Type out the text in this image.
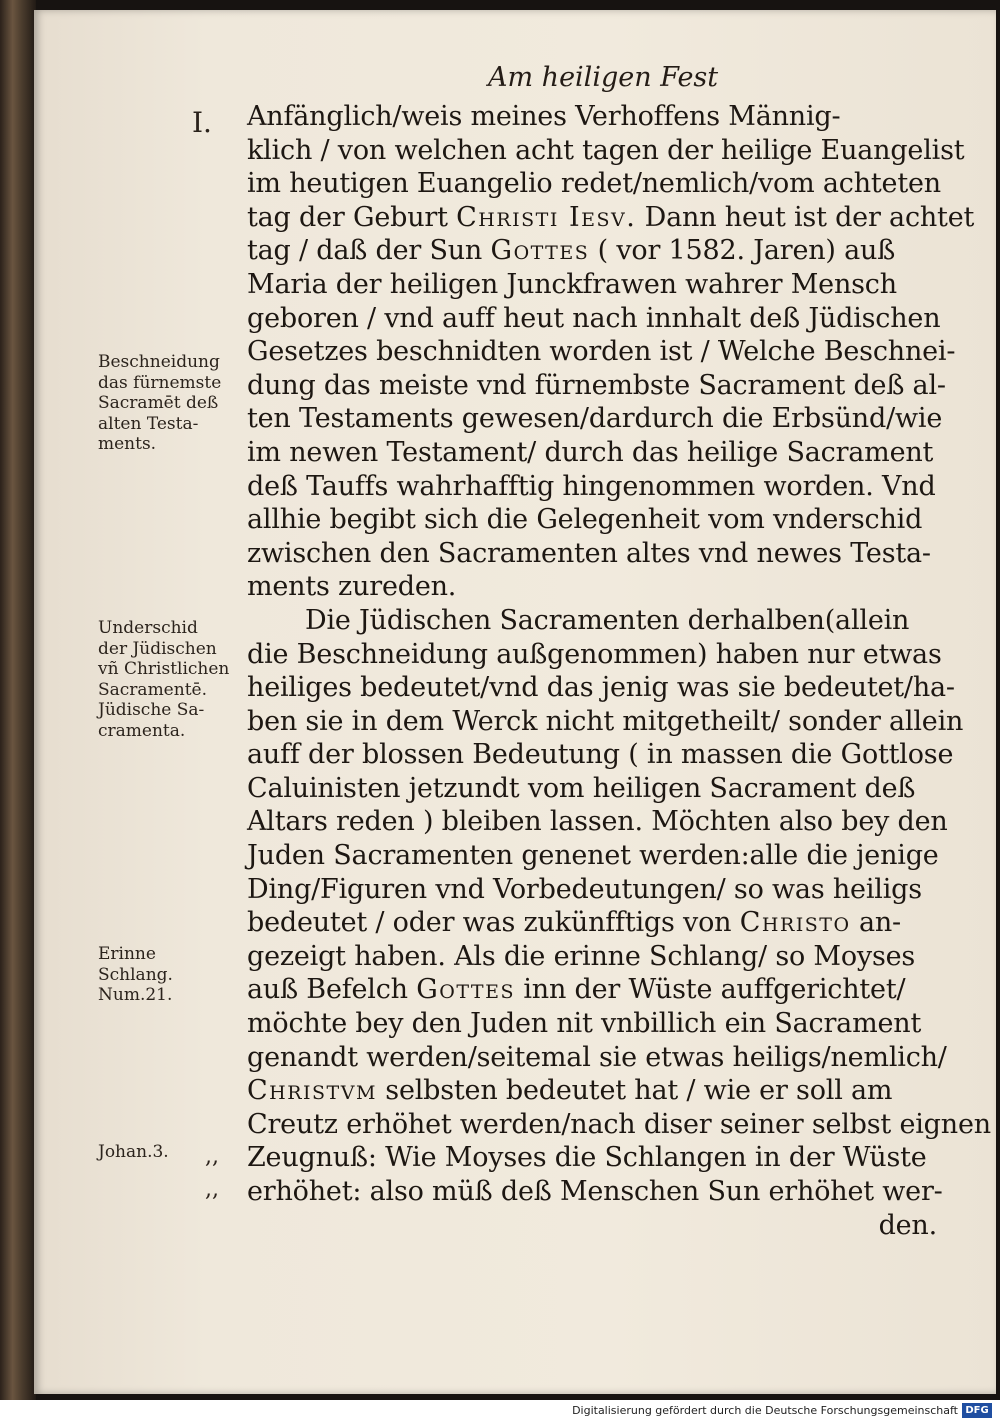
Am heiligen Fest
I.
Beschneidung
das fürnemste
Sacramēt deß
alten Testa-
ments.
Underschid
der Jüdischen
vñ Christlichen
Sacramentē.
Jüdische Sa-
cramenta.
Erinne
Schlang.
Num.21.
Johan.3.	,,
,,
Anfänglich/weis meines Verhoffens Männig-
klich / von welchen acht tagen der heilige Euangelist
im heutigen Euangelio redet/nemlich/vom achteten
tag der Geburt Christi Iesv. Dann heut ist der achtet
tag / daß der Sun Gottes ( vor 1582. Jaren) auß
Maria der heiligen Junckfrawen wahrer Mensch
geboren / vnd auff heut nach innhalt deß Jüdischen
Gesetzes beschnidten worden ist / Welche Beschnei-
dung das meiste vnd fürnembste Sacrament deß al-
ten Testaments gewesen/dardurch die Erbsünd/wie
im newen Testament/ durch das heilige Sacrament
deß Tauffs wahrhafftig hingenommen worden. Vnd
allhie begibt sich die Gelegenheit vom vnderschid
zwischen den Sacramenten altes vnd newes Testa-
ments zureden.
Die Jüdischen Sacramenten derhalben(allein
die Beschneidung außgenommen) haben nur etwas
heiliges bedeutet/vnd das jenig was sie bedeutet/ha-
ben sie in dem Werck nicht mitgetheilt/ sonder allein
auff der blossen Bedeutung ( in massen die Gottlose
Caluinisten jetzundt vom heiligen Sacrament deß
Altars reden ) bleiben lassen. Möchten also bey den
Juden Sacramenten genenet werden:alle die jenige
Ding/Figuren vnd Vorbedeutungen/ so was heiligs
bedeutet / oder was zukünfftigs von Christo an-
gezeigt haben. Als die erinne Schlang/ so Moyses
auß Befelch Gottes inn der Wüste auffgerichtet/
möchte bey den Juden nit vnbillich ein Sacrament
genandt werden/seitemal sie etwas heiligs/nemlich/
Christvm selbsten bedeutet hat / wie er soll am
Creutz erhöhet werden/nach diser seiner selbst eignen
Zeugnuß: Wie Moyses die Schlangen in der Wüste
erhöhet: also müß deß Menschen Sun erhöhet wer-
den.
Digitalisierung gefördert durch die Deutsche Forschungsgemeinschaft DFG
